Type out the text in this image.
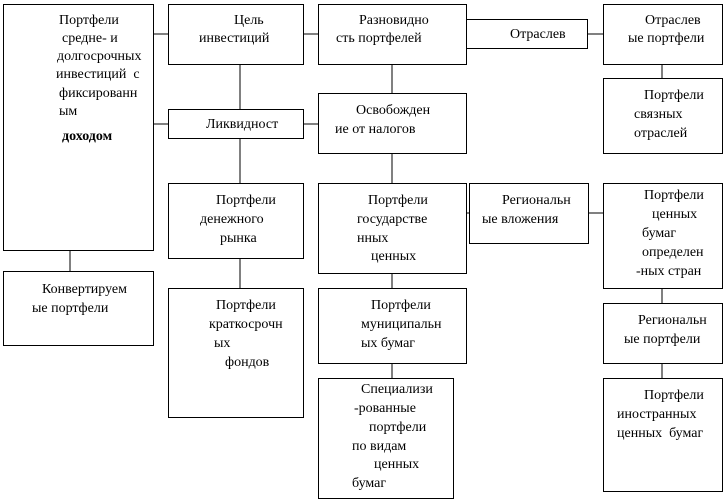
Портфели
средне- и
долгосрочных
инвестиций  с
фиксированн
ым
доходом
Конвертируем
ые портфели
Цель
инвестиций
Ликвидност
Портфели
денежного
рынка
Портфели
краткосрочн
ых
фондов
Разновидно
сть портфелей
Освобожден
ие от налогов
Портфели
государстве
нных
ценных
Портфели
муниципальн
ых бумаг
Специализи
-рованные
портфели
по видам
ценных
бумаг
Отраслев
Региональн
ые вложения
Отраслев
ые портфели
Портфели
связных
отраслей
Портфели
ценных
бумаг
определен
-ных стран
Региональн
ые портфели
Портфели
иностранных
ценных  бумаг
